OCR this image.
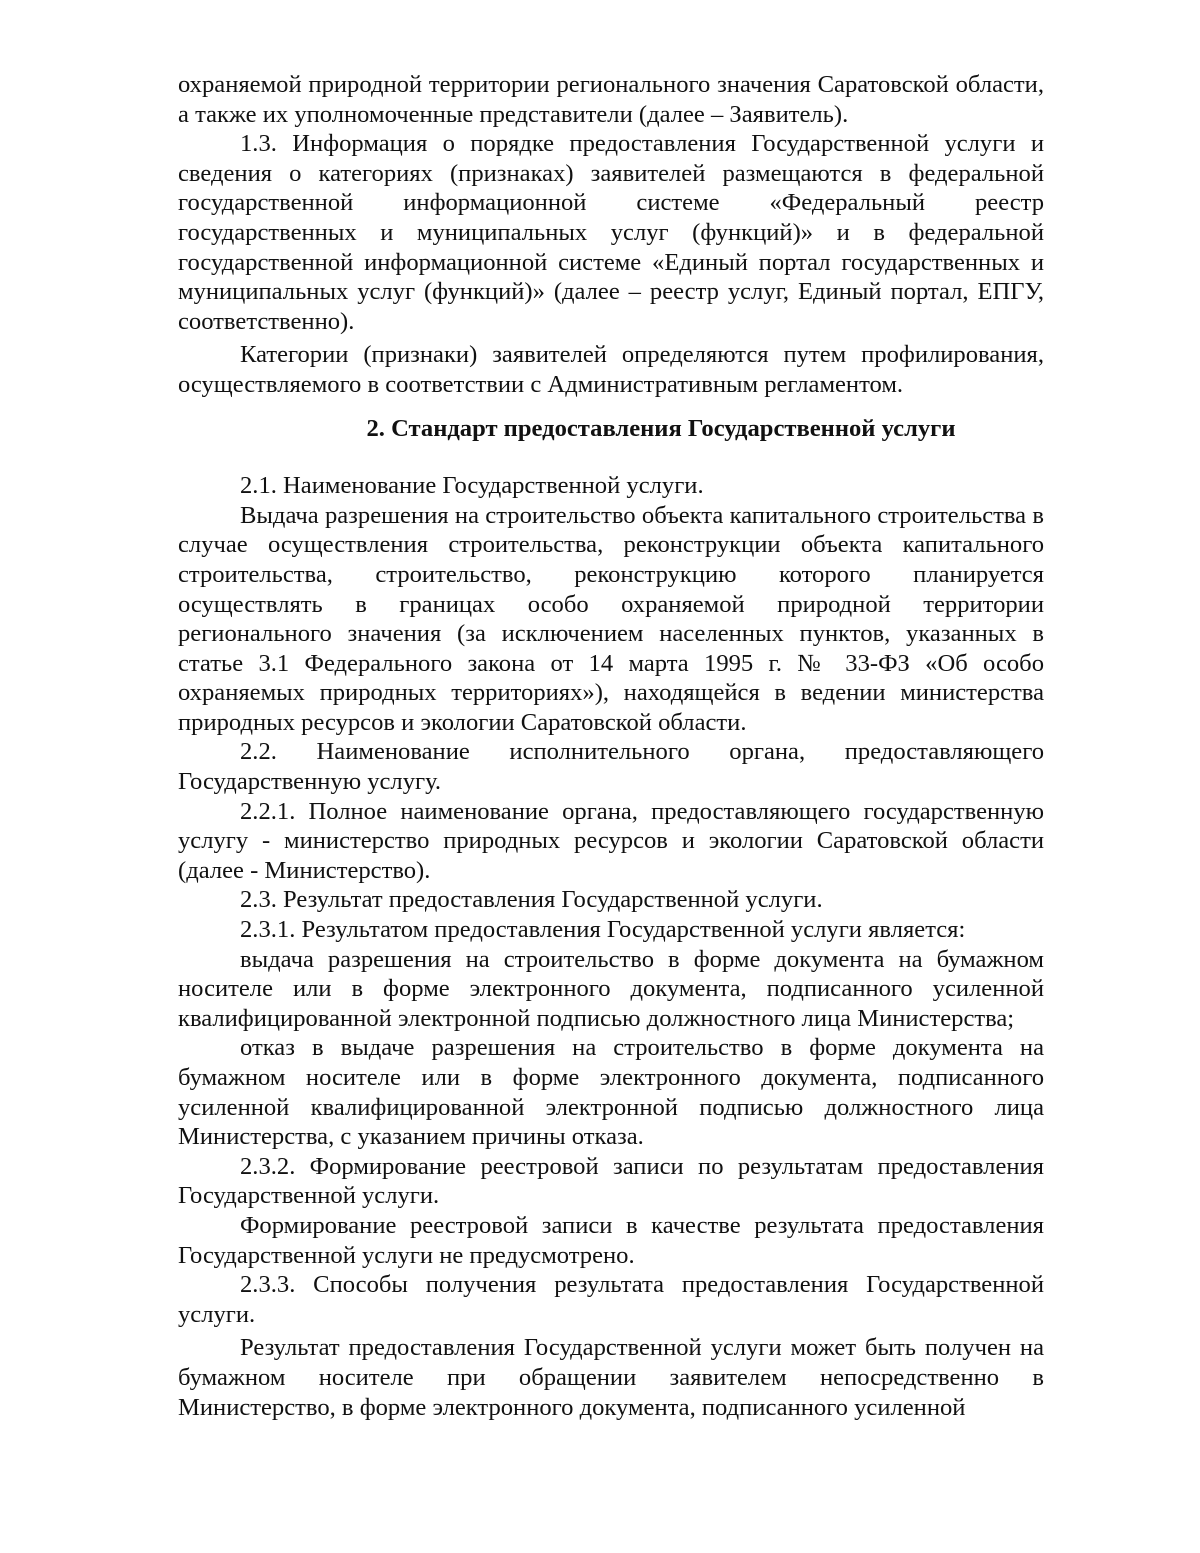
охраняемой природной территории регионального значения Саратовской области, а также их уполномоченные представители (далее – Заявитель).

1.3. Информация о порядке предоставления Государственной услуги и сведения о категориях (признаках) заявителей размещаются в федеральной государственной информационной системе «Федеральный реестр государственных и муниципальных услуг (функций)» и в федеральной государственной информационной системе «Единый портал государственных и муниципальных услуг (функций)» (далее – реестр услуг, Единый портал, ЕПГУ, соответственно).

Категории (признаки) заявителей определяются путем профилирования, осуществляемого в соответствии с Административным регламентом.

2. Стандарт предоставления Государственной услуги

2.1. Наименование Государственной услуги.

Выдача разрешения на строительство объекта капитального строительства в случае осуществления строительства, реконструкции объекта капитального строительства, строительство, реконструкцию которого планируется осуществлять в границах особо охраняемой природной территории регионального значения (за исключением населенных пунктов, указанных в статье 3.1 Федерального закона от 14 марта 1995 г. № 33-ФЗ «Об особо охраняемых природных территориях»), находящейся в ведении министерства природных ресурсов и экологии Саратовской области.

2.2. Наименование исполнительного органа, предоставляющего Государственную услугу.

2.2.1. Полное наименование органа, предоставляющего государственную услугу - министерство природных ресурсов и экологии Саратовской области (далее - Министерство).

2.3. Результат предоставления Государственной услуги.

2.3.1. Результатом предоставления Государственной услуги является:

выдача разрешения на строительство в форме документа на бумажном носителе или в форме электронного документа, подписанного усиленной квалифицированной электронной подписью должностного лица Министерства;

отказ в выдаче разрешения на строительство в форме документа на бумажном носителе или в форме электронного документа, подписанного усиленной квалифицированной электронной подписью должностного лица Министерства, с указанием причины отказа.

2.3.2. Формирование реестровой записи по результатам предоставления Государственной услуги.

Формирование реестровой записи в качестве результата предоставления Государственной услуги не предусмотрено.

2.3.3. Способы получения результата предоставления Государственной услуги.

Результат предоставления Государственной услуги может быть получен на бумажном носителе при обращении заявителем непосредственно в Министерство, в форме электронного документа, подписанного усиленной
